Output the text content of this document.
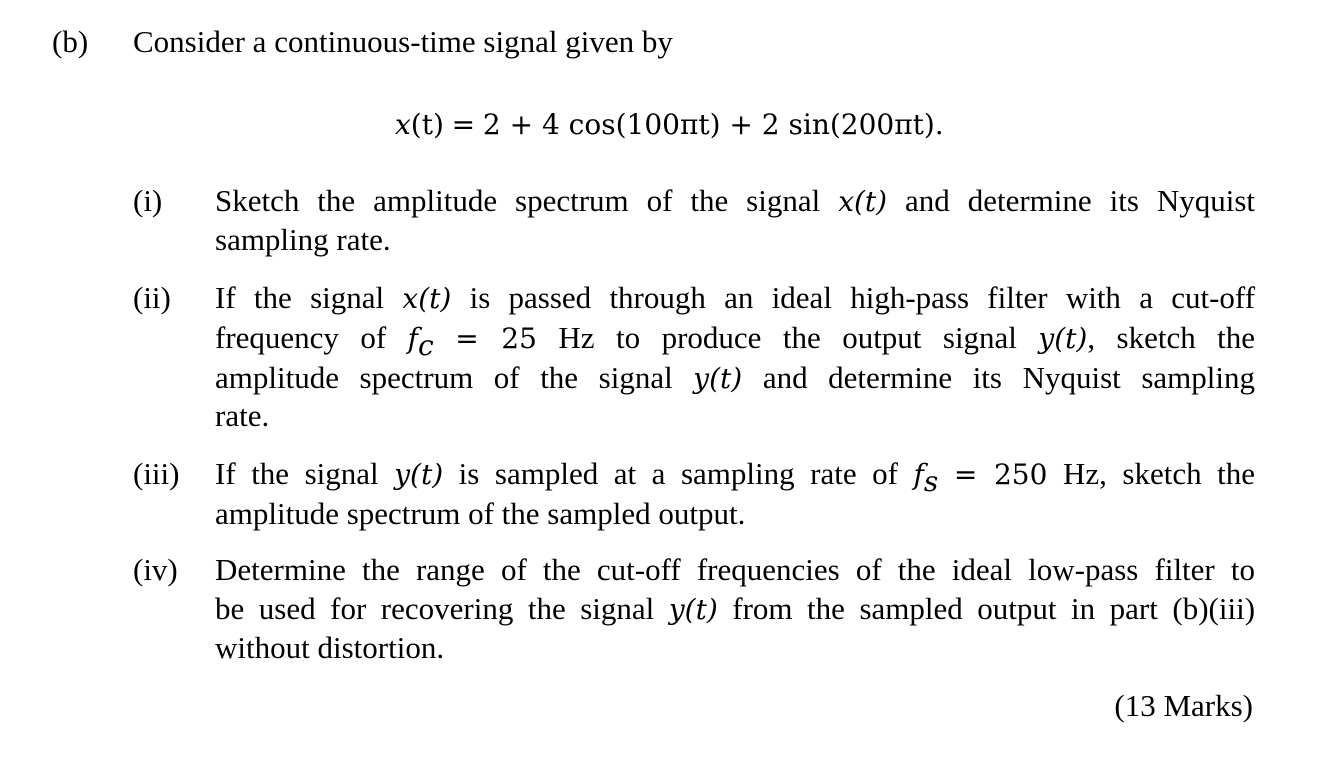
(b) Consider a continuous-time signal given by
x(t) = 2 + 4 cos(100πt) + 2 sin(200πt).
(i) Sketch the amplitude spectrum of the signal x(t) and determine its Nyquist
sampling rate.
(ii) If the signal x(t) is passed through an ideal high-pass filter with a cut-off
frequency of $f_c = 25$ Hz to produce the output signal y(t), sketch the
amplitude spectrum of the signal y(t) and determine its Nyquist sampling
rate.
(iii) If the signal y(t) is sampled at a sampling rate of $f_s = 250$ Hz, sketch the
amplitude spectrum of the sampled output.
(iv) Determine the range of the cut-off frequencies of the ideal low-pass filter to
be used for recovering the signal y(t) from the sampled output in part (b)(iii)
without distortion.
(13 Marks)
